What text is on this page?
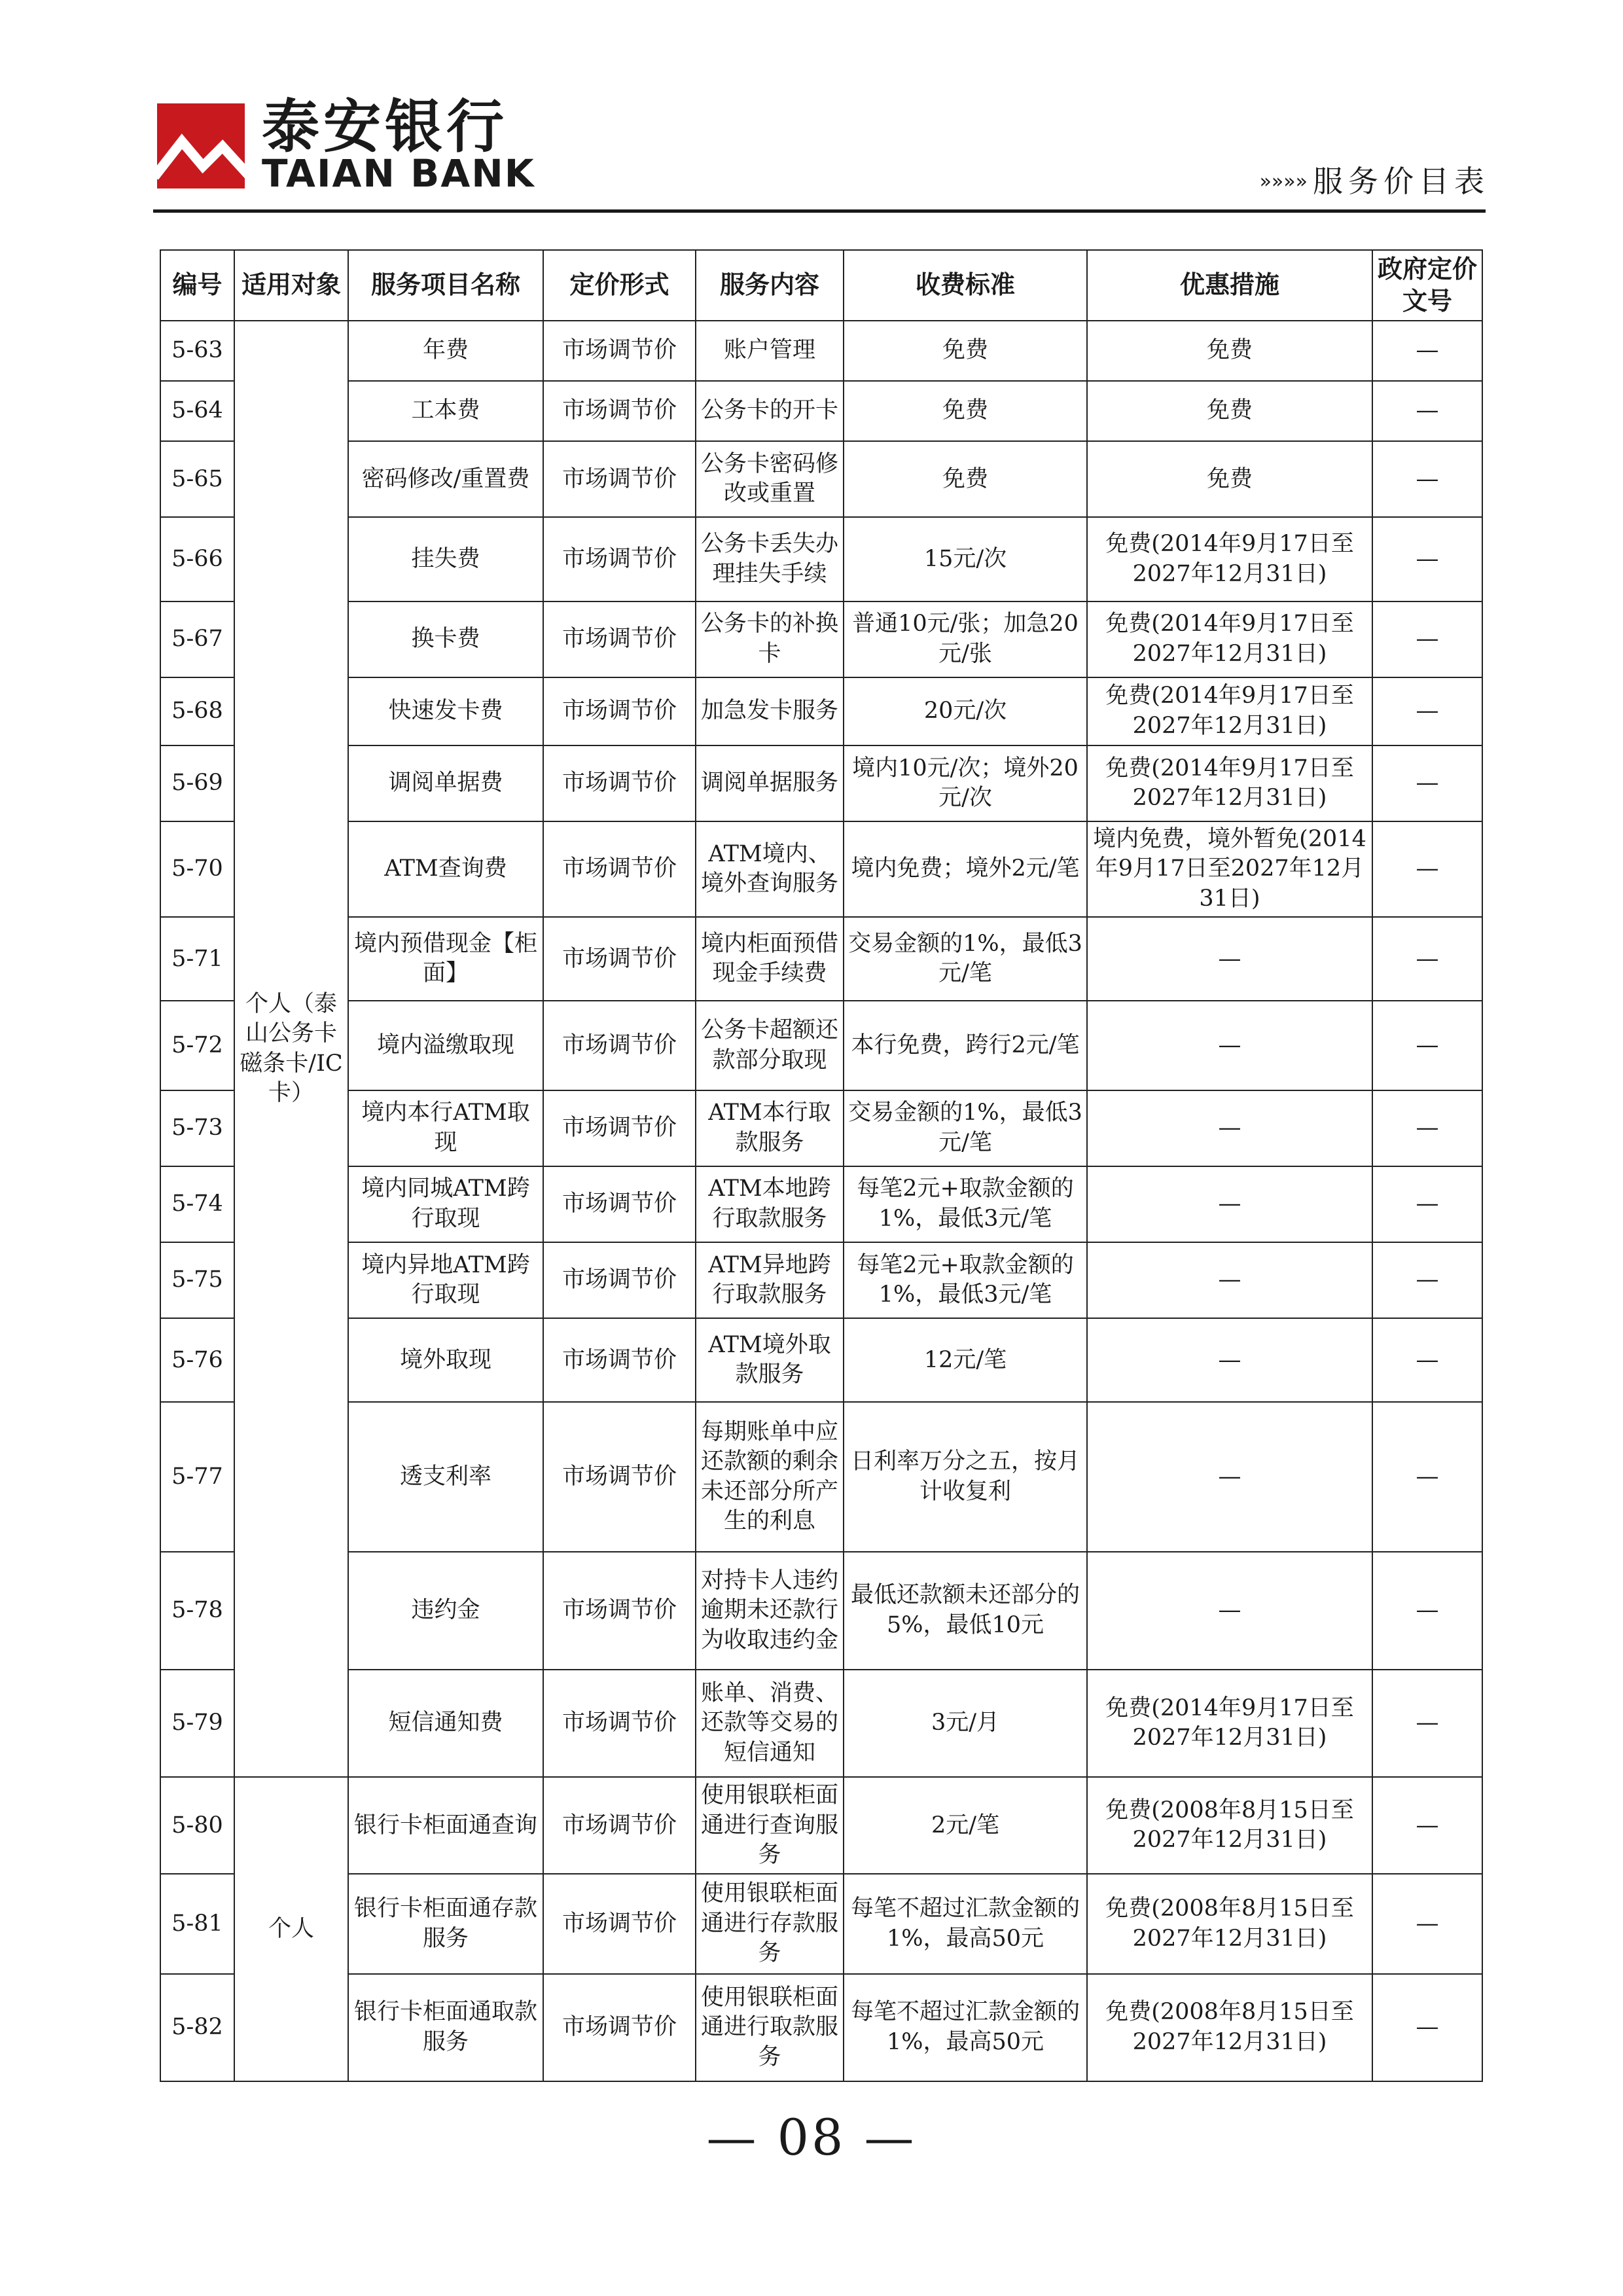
泰安银行
TAIAN BANK	»»»» 服务价目表
编号	适用对象	服务项目名称	定价形式	服务内容	收费标准	优惠措施	政府定价文号
5-63	个人（泰山公务卡磁条卡/IC卡）	年费	市场调节价	账户管理	免费	免费	—
5-64		工本费	市场调节价	公务卡的开卡	免费	免费	—
5-65		密码修改/重置费	市场调节价	公务卡密码修改或重置	免费	免费	—
5-66		挂失费	市场调节价	公务卡丢失办理挂失手续	15元/次	免费(2014年9月17日至2027年12月31日)	—
5-67		换卡费	市场调节价	公务卡的补换卡	普通10元/张；加急20元/张	免费(2014年9月17日至2027年12月31日)	—
5-68		快速发卡费	市场调节价	加急发卡服务	20元/次	免费(2014年9月17日至2027年12月31日)	—
5-69		调阅单据费	市场调节价	调阅单据服务	境内10元/次；境外20元/次	免费(2014年9月17日至2027年12月31日)	—
5-70		ATM查询费	市场调节价	ATM境内、境外查询服务	境内免费；境外2元/笔	境内免费，境外暂免(2014年9月17日至2027年12月31日)	—
5-71		境内预借现金【柜面】	市场调节价	境内柜面预借现金手续费	交易金额的1%，最低3元/笔	—	—
5-72		境内溢缴取现	市场调节价	公务卡超额还款部分取现	本行免费，跨行2元/笔	—	—
5-73		境内本行ATM取现	市场调节价	ATM本行取款服务	交易金额的1%，最低3元/笔	—	—
5-74		境内同城ATM跨行取现	市场调节价	ATM本地跨行取款服务	每笔2元+取款金额的1%，最低3元/笔	—	—
5-75		境内异地ATM跨行取现	市场调节价	ATM异地跨行取款服务	每笔2元+取款金额的1%，最低3元/笔	—	—
5-76		境外取现	市场调节价	ATM境外取款服务	12元/笔	—	—
5-77		透支利率	市场调节价	每期账单中应还款额的剩余未还部分所产生的利息	日利率万分之五，按月计收复利	—	—
5-78		违约金	市场调节价	对持卡人违约逾期未还款行为收取违约金	最低还款额未还部分的5%，最低10元	—	—
5-79		短信通知费	市场调节价	账单、消费、还款等交易的短信通知	3元/月	免费(2014年9月17日至2027年12月31日)	—
5-80	个人	银行卡柜面通查询	市场调节价	使用银联柜面通进行查询服务	2元/笔	免费(2008年8月15日至2027年12月31日)	—
5-81		银行卡柜面通存款服务	市场调节价	使用银联柜面通进行存款服务	每笔不超过汇款金额的1%，最高50元	免费(2008年8月15日至2027年12月31日)	—
5-82		银行卡柜面通取款服务	市场调节价	使用银联柜面通进行取款服务	每笔不超过汇款金额的1%，最高50元	免费(2008年8月15日至2027年12月31日)	—
— 08 —
